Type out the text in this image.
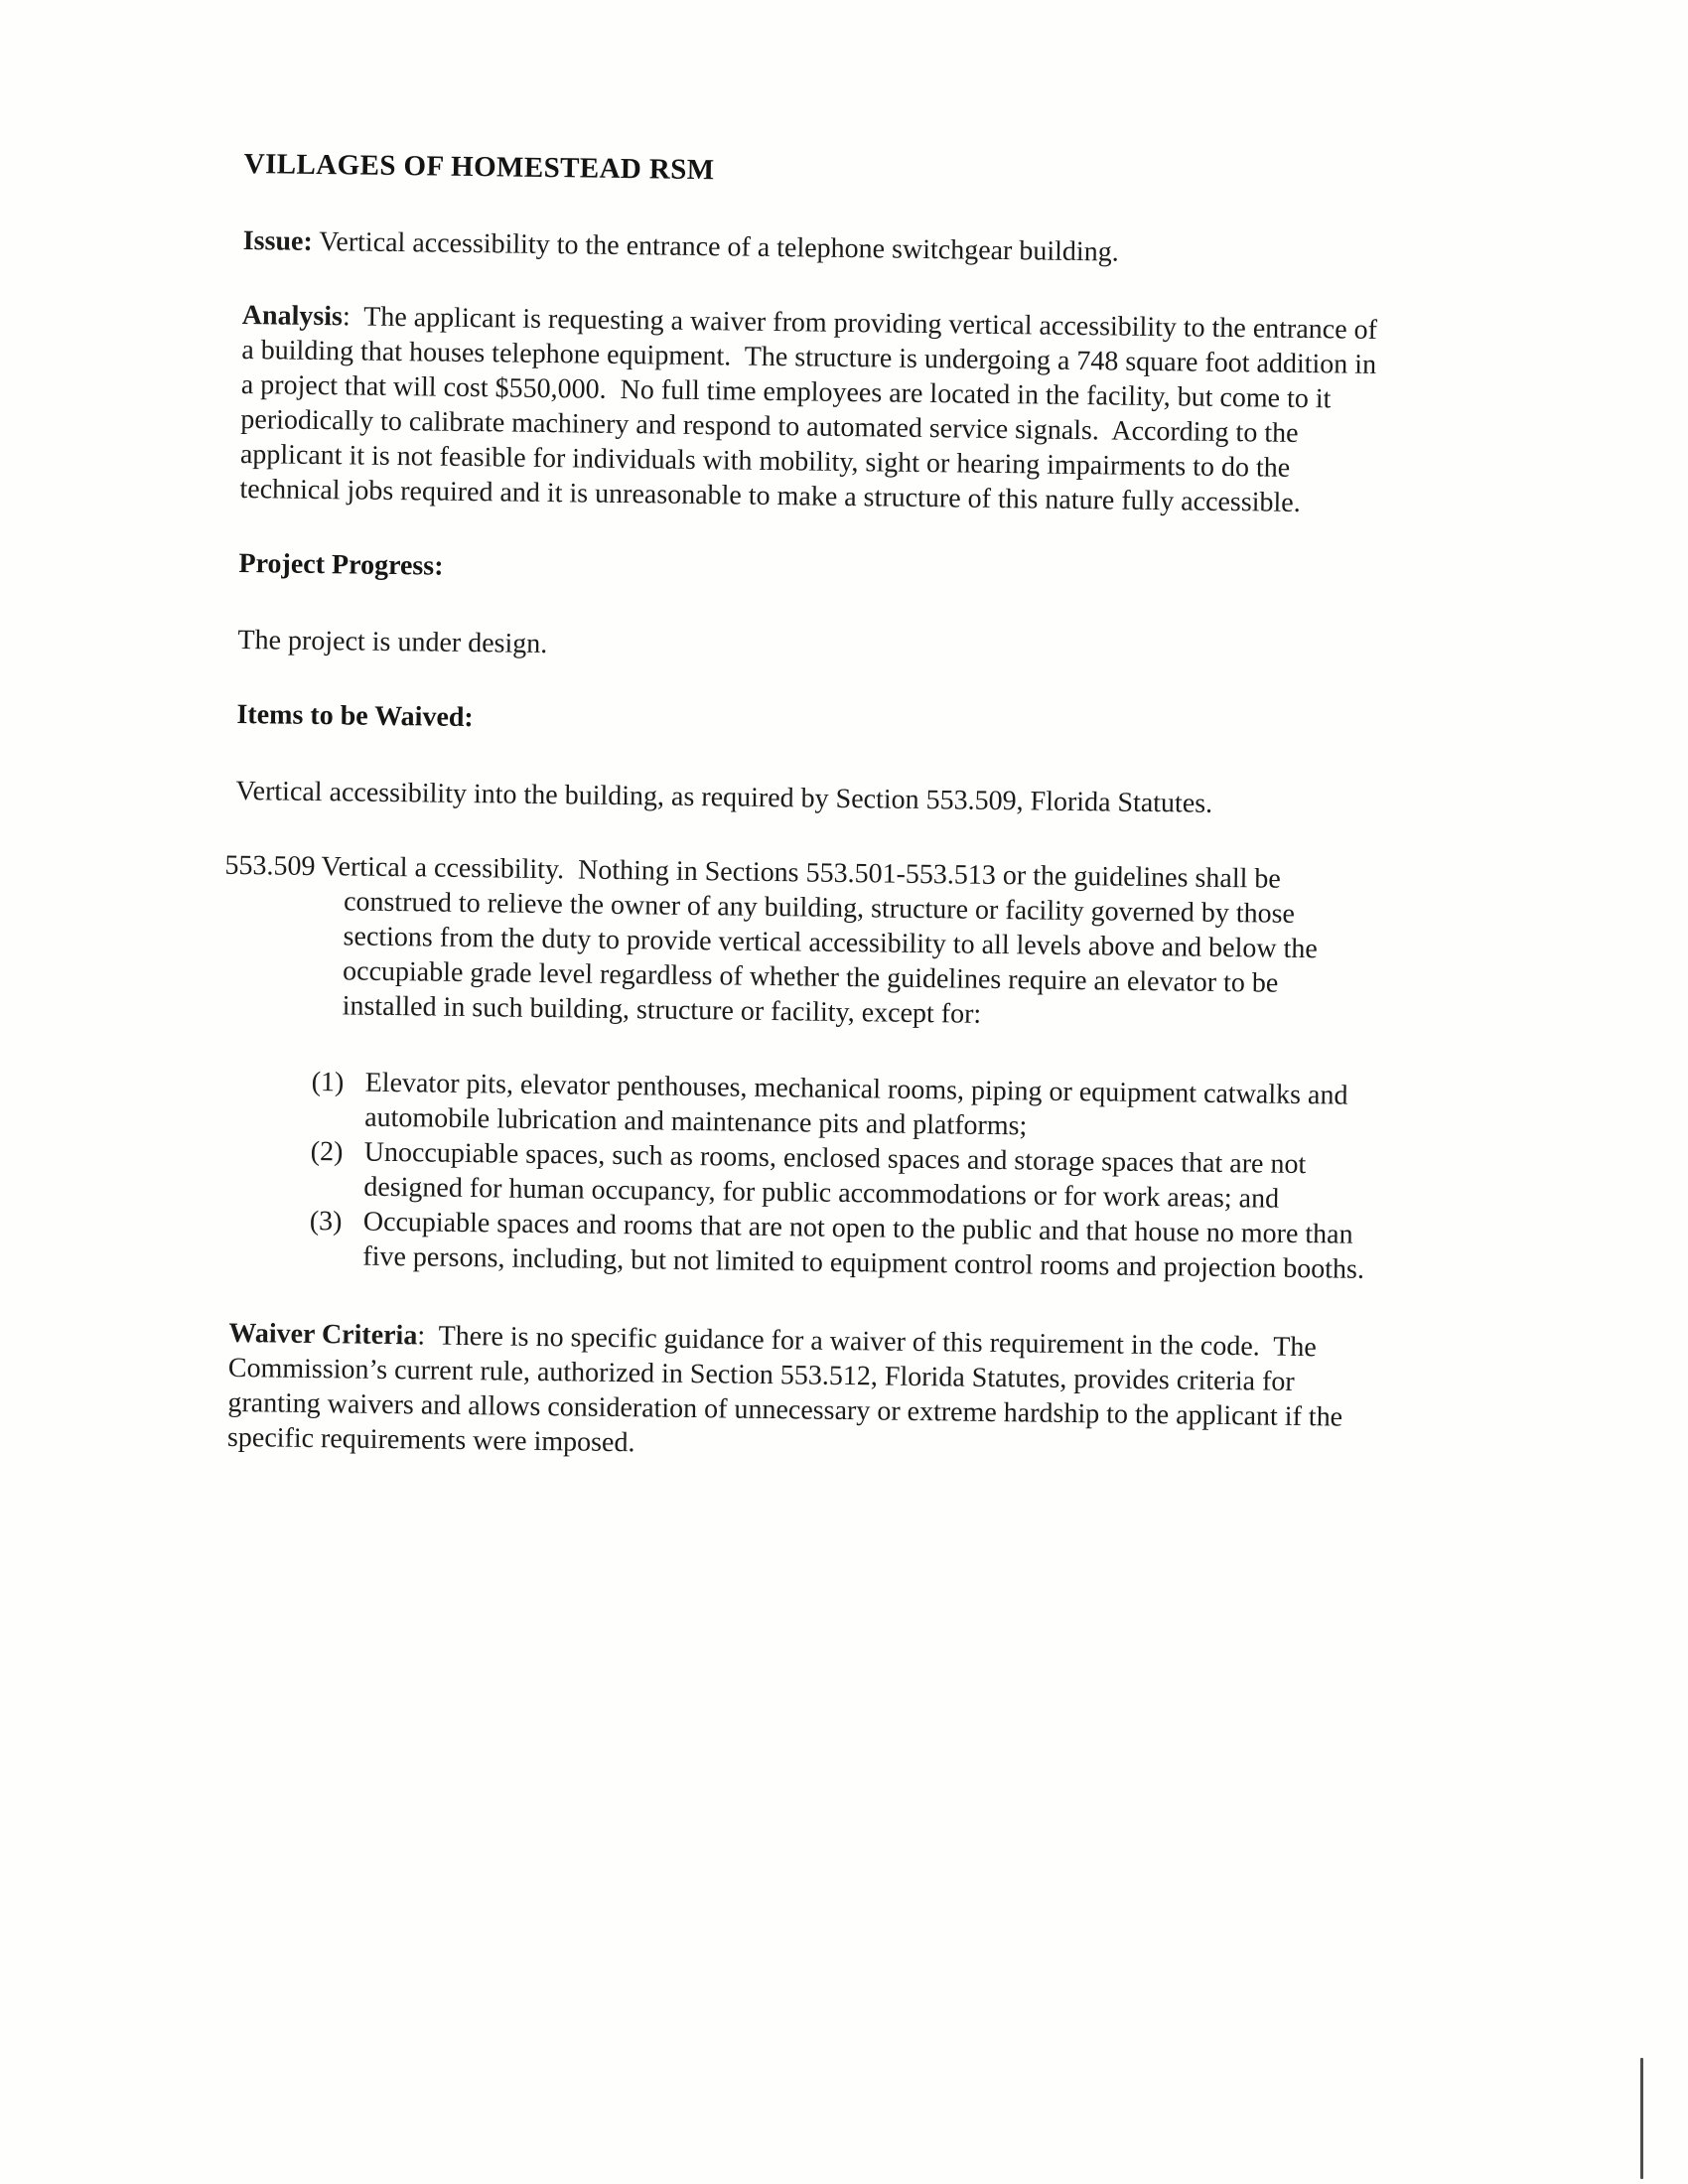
VILLAGES OF HOMESTEAD RSM

Issue: Vertical accessibility to the entrance of a telephone switchgear building.

Analysis:  The applicant is requesting a waiver from providing vertical accessibility to the entrance of a building that houses telephone equipment.  The structure is undergoing a 748 square foot addition in a project that will cost $550,000.  No full time employees are located in the facility, but come to it periodically to calibrate machinery and respond to automated service signals.  According to the applicant it is not feasible for individuals with mobility, sight or hearing impairments to do the technical jobs required and it is unreasonable to make a structure of this nature fully accessible.

Project Progress:

The project is under design.

Items to be Waived:

Vertical accessibility into the building, as required by Section 553.509, Florida Statutes.

553.509 Vertical a ccessibility.  Nothing in Sections 553.501-553.513 or the guidelines shall be construed to relieve the owner of any building, structure or facility governed by those sections from the duty to provide vertical accessibility to all levels above and below the occupiable grade level regardless of whether the guidelines require an elevator to be installed in such building, structure or facility, except for:
(1) Elevator pits, elevator penthouses, mechanical rooms, piping or equipment catwalks and automobile lubrication and maintenance pits and platforms;
(2) Unoccupiable spaces, such as rooms, enclosed spaces and storage spaces that are not designed for human occupancy, for public accommodations or for work areas; and
(3) Occupiable spaces and rooms that are not open to the public and that house no more than five persons, including, but not limited to equipment control rooms and projection booths.

Waiver Criteria:  There is no specific guidance for a waiver of this requirement in the code.  The Commission’s current rule, authorized in Section 553.512, Florida Statutes, provides criteria for granting waivers and allows consideration of unnecessary or extreme hardship to the applicant if the specific requirements were imposed.
